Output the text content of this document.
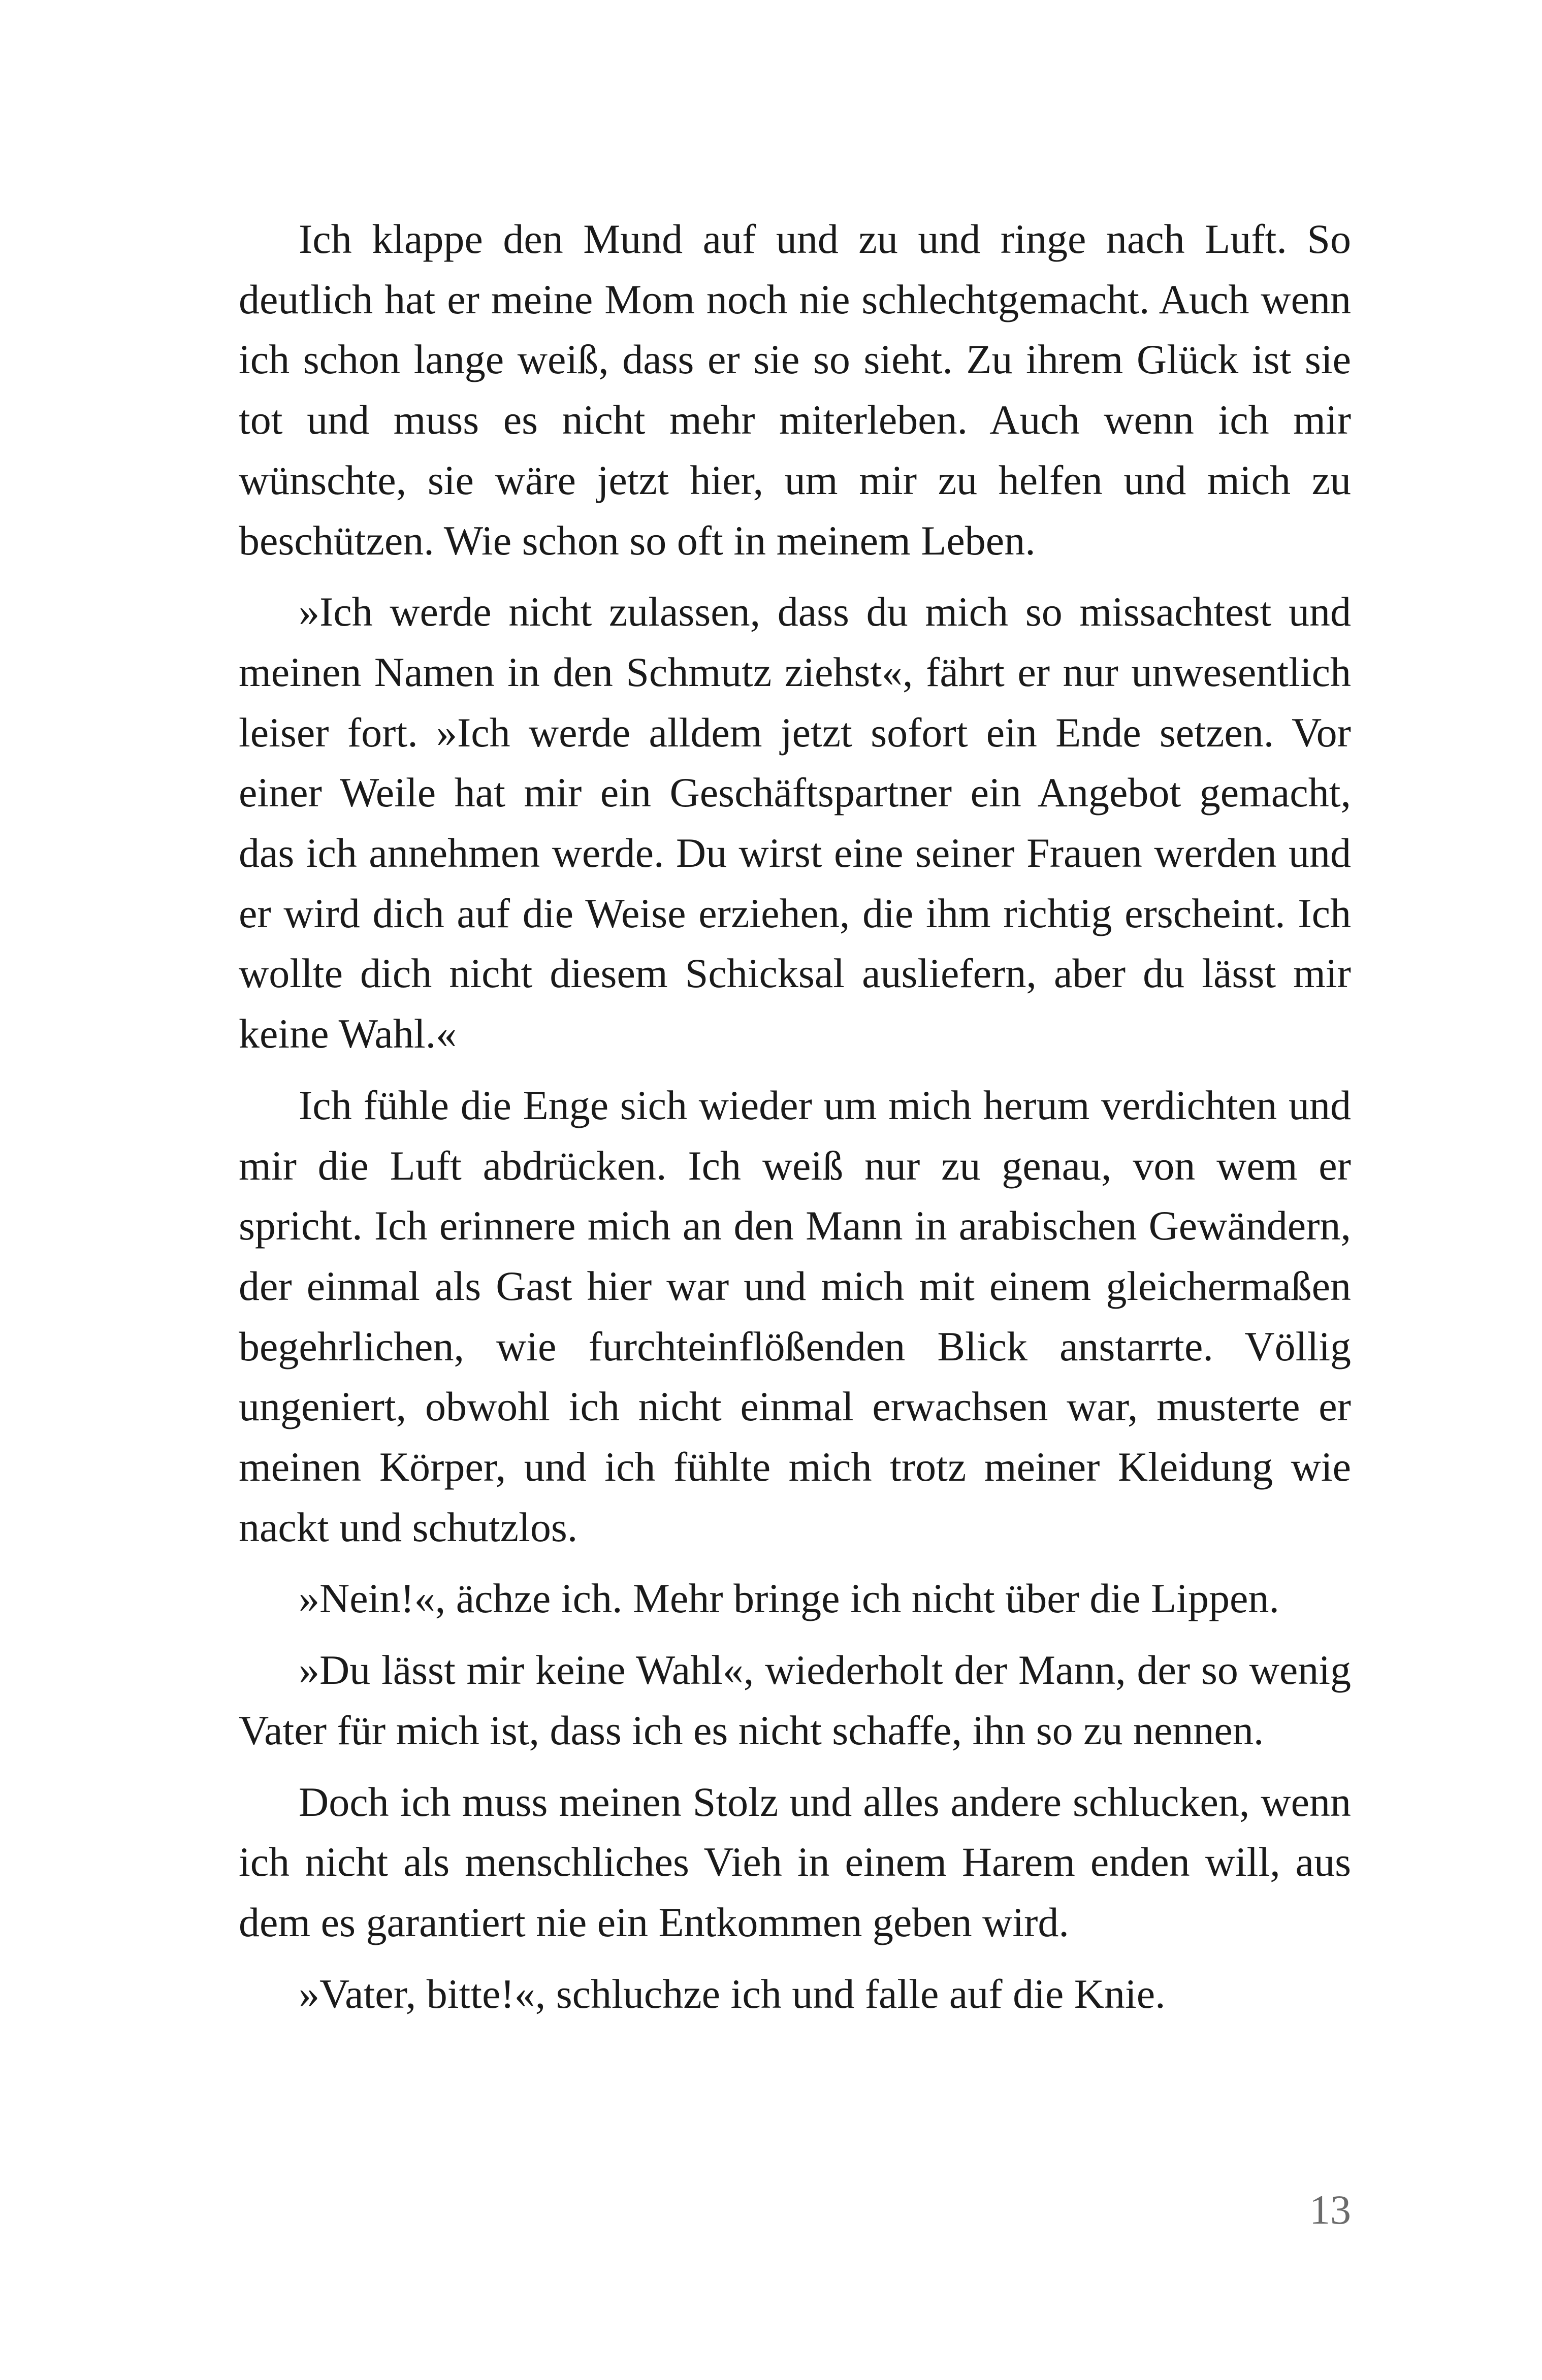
Ich klappe den Mund auf und zu und ringe nach Luft. So deutlich hat er meine Mom noch nie schlechtgemacht. Auch wenn ich schon lange weiß, dass er sie so sieht. Zu ihrem Glück ist sie tot und muss es nicht mehr miterleben. Auch wenn ich mir wünschte, sie wäre jetzt hier, um mir zu helfen und mich zu beschützen. Wie schon so oft in meinem Leben.

»Ich werde nicht zulassen, dass du mich so missachtest und meinen Namen in den Schmutz ziehst«, fährt er nur unwesentlich leiser fort. »Ich werde alldem jetzt sofort ein Ende setzen. Vor einer Weile hat mir ein Geschäftspartner ein Angebot gemacht, das ich annehmen werde. Du wirst eine seiner Frauen werden und er wird dich auf die Weise erziehen, die ihm richtig erscheint. Ich wollte dich nicht diesem Schicksal ausliefern, aber du lässt mir keine Wahl.«

Ich fühle die Enge sich wieder um mich herum verdichten und mir die Luft abdrücken. Ich weiß nur zu genau, von wem er spricht. Ich erinnere mich an den Mann in arabischen Gewändern, der einmal als Gast hier war und mich mit einem gleichermaßen begehrlichen, wie furchteinflößenden Blick anstarrte. Völlig ungeniert, obwohl ich nicht einmal erwachsen war, musterte er meinen Körper, und ich fühlte mich trotz meiner Kleidung wie nackt und schutzlos.

»Nein!«, ächze ich. Mehr bringe ich nicht über die Lippen.

»Du lässt mir keine Wahl«, wiederholt der Mann, der so wenig Vater für mich ist, dass ich es nicht schaffe, ihn so zu nennen.

Doch ich muss meinen Stolz und alles andere schlucken, wenn ich nicht als menschliches Vieh in einem Harem enden will, aus dem es garantiert nie ein Entkommen geben wird.

»Vater, bitte!«, schluchze ich und falle auf die Knie.

13
